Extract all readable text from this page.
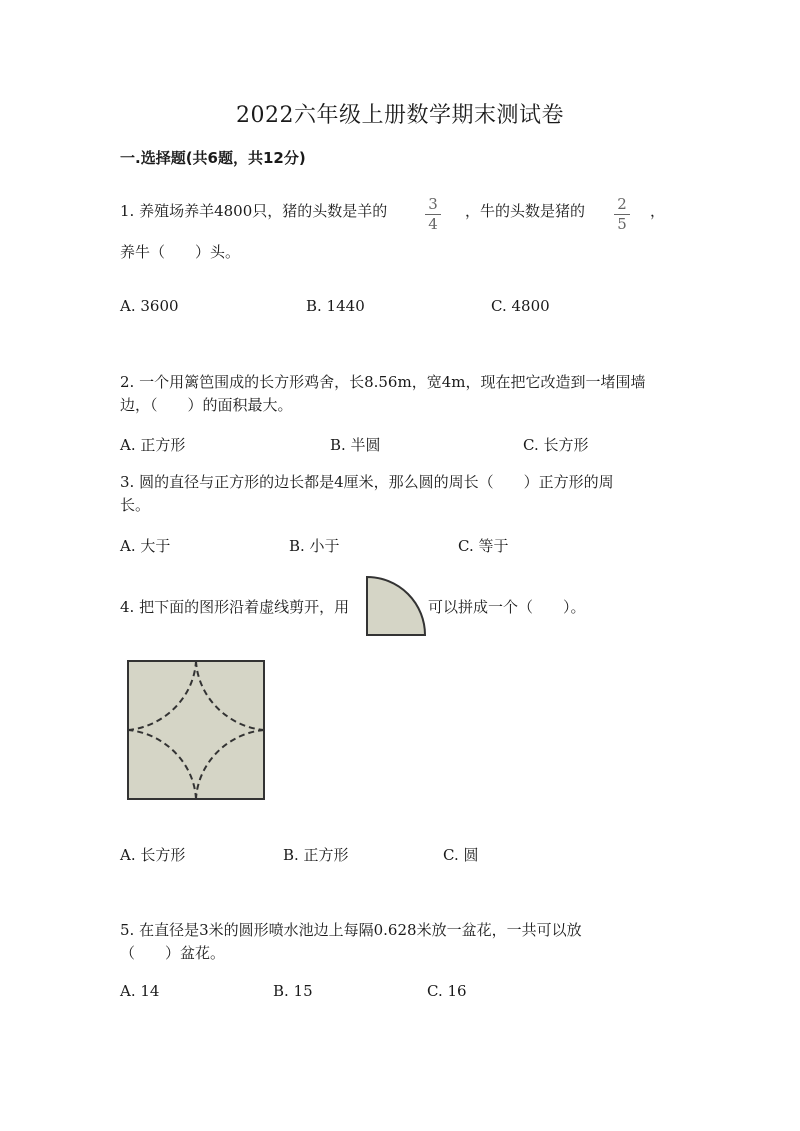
2022六年级上册数学期末测试卷
一.选择题(共6题，共12分)
1. 养殖场养羊4800只，猪的头数是羊的	3
4
，牛的头数是猪的	2
5
，
养牛（　　）头。
A. 3600	B. 1440	C. 4800
2. 一个用篱笆围成的长方形鸡舍，长8.56m，宽4m，现在把它改造到一堵围墙
边，（　　）的面积最大。
A. 正方形	B. 半圆	C. 长方形
3. 圆的直径与正方形的边长都是4厘米，那么圆的周长（　　）正方形的周
长。
A. 大于	B. 小于	C. 等于
4. 把下面的图形沿着虚线剪开，用	可以拼成一个（　　）。
A. 长方形	B. 正方形	C. 圆
5. 在直径是3米的圆形喷水池边上每隔0.628米放一盆花，一共可以放
（　　）盆花。
A. 14	B. 15	C. 16
